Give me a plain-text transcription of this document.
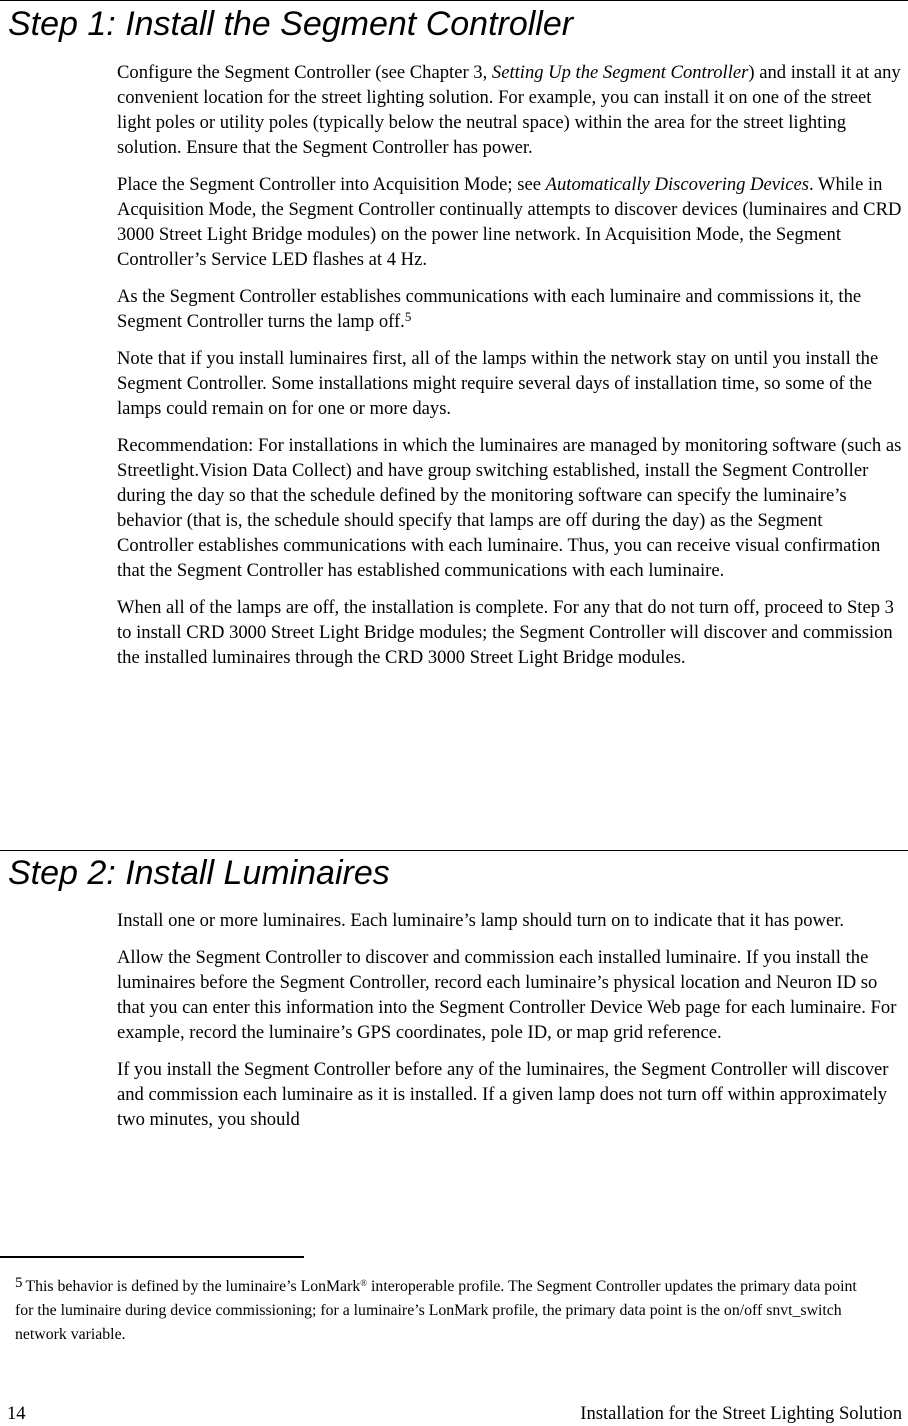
Step 1: Install the Segment Controller

Configure the Segment Controller (see Chapter 3, Setting Up the Segment Controller) and install it at any convenient location for the street lighting solution. For example, you can install it on one of the street light poles or utility poles (typically below the neutral space) within the area for the street lighting solution. Ensure that the Segment Controller has power.

Place the Segment Controller into Acquisition Mode; see Automatically Discovering Devices. While in Acquisition Mode, the Segment Controller continually attempts to discover devices (luminaires and CRD 3000 Street Light Bridge modules) on the power line network. In Acquisition Mode, the Segment Controller’s Service LED flashes at 4 Hz.

As the Segment Controller establishes communications with each luminaire and commissions it, the Segment Controller turns the lamp off.$^5$

Note that if you install luminaires first, all of the lamps within the network stay on until you install the Segment Controller. Some installations might require several days of installation time, so some of the lamps could remain on for one or more days.

Recommendation: For installations in which the luminaires are managed by monitoring software (such as Streetlight.Vision Data Collect) and have group switching established, install the Segment Controller during the day so that the schedule defined by the monitoring software can specify the luminaire’s behavior (that is, the schedule should specify that lamps are off during the day) as the Segment Controller establishes communications with each luminaire. Thus, you can receive visual confirmation that the Segment Controller has established communications with each luminaire.

When all of the lamps are off, the installation is complete. For any that do not turn off, proceed to Step 3 to install CRD 3000 Street Light Bridge modules; the Segment Controller will discover and commission the installed luminaires through the CRD 3000 Street Light Bridge modules.

Step 2: Install Luminaires

Install one or more luminaires. Each luminaire’s lamp should turn on to indicate that it has power.

Allow the Segment Controller to discover and commission each installed luminaire. If you install the luminaires before the Segment Controller, record each luminaire’s physical location and Neuron ID so that you can enter this information into the Segment Controller Device Web page for each luminaire. For example, record the luminaire’s GPS coordinates, pole ID, or map grid reference.

If you install the Segment Controller before any of the luminaires, the Segment Controller will discover and commission each luminaire as it is installed. If a given lamp does not turn off within approximately two minutes, you should

$^5$ This behavior is defined by the luminaire’s LonMark® interoperable profile. The Segment Controller updates the primary data point for the luminaire during device commissioning; for a luminaire’s LonMark profile, the primary data point is the on/off snvt_switch network variable.
14	Installation for the Street Lighting Solution
